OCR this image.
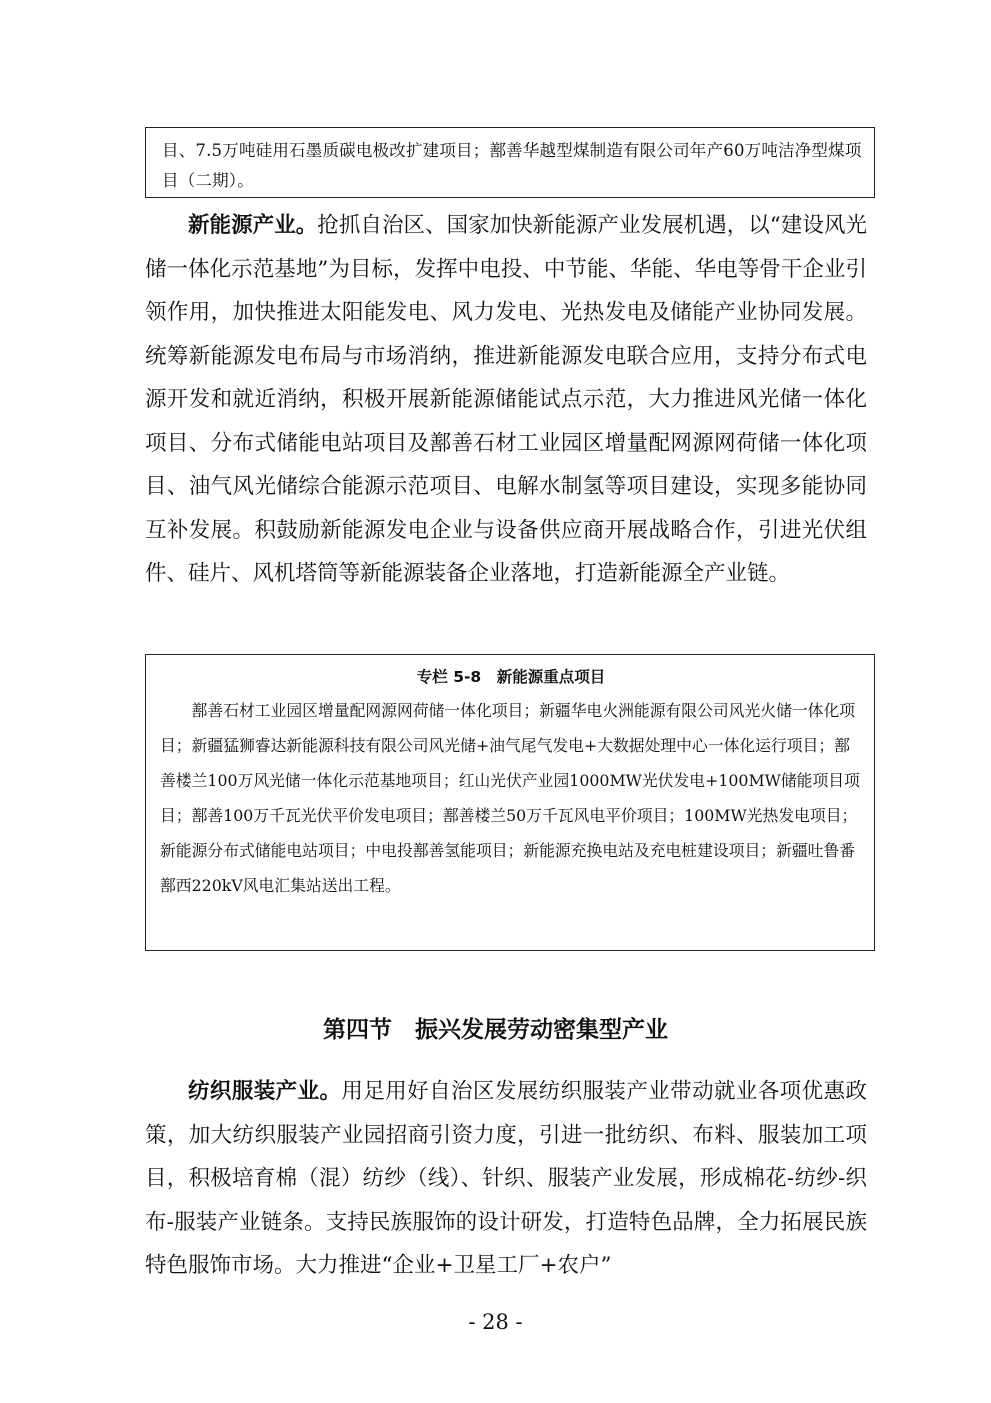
目、7.5万吨硅用石墨质碳电极改扩建项目；鄯善华越型煤制造有限公司年产60万吨洁净型煤项目（二期）。

新能源产业。抢抓自治区、国家加快新能源产业发展机遇，以“建设风光储一体化示范基地”为目标，发挥中电投、中节能、华能、华电等骨干企业引领作用，加快推进太阳能发电、风力发电、光热发电及储能产业协同发展。统筹新能源发电布局与市场消纳，推进新能源发电联合应用，支持分布式电源开发和就近消纳，积极开展新能源储能试点示范，大力推进风光储一体化项目、分布式储能电站项目及鄯善石材工业园区增量配网源网荷储一体化项目、油气风光储综合能源示范项目、电解水制氢等项目建设，实现多能协同互补发展。积鼓励新能源发电企业与设备供应商开展战略合作，引进光伏组件、硅片、风机塔筒等新能源装备企业落地，打造新能源全产业链。

专栏 5-8　新能源重点项目

鄯善石材工业园区增量配网源网荷储一体化项目；新疆华电火洲能源有限公司风光火储一体化项目；新疆猛狮睿达新能源科技有限公司风光储+油气尾气发电+大数据处理中心一体化运行项目；鄯善楼兰100万风光储一体化示范基地项目；红山光伏产业园1000MW光伏发电+100MW储能项目项目；鄯善100万千瓦光伏平价发电项目；鄯善楼兰50万千瓦风电平价项目；100MW光热发电项目；新能源分布式储能电站项目；中电投鄯善氢能项目；新能源充换电站及充电桩建设项目；新疆吐鲁番鄯西220kV风电汇集站送出工程。

第四节　振兴发展劳动密集型产业

纺织服装产业。用足用好自治区发展纺织服装产业带动就业各项优惠政策，加大纺织服装产业园招商引资力度，引进一批纺织、布料、服装加工项目，积极培育棉（混）纺纱（线）、针织、服装产业发展，形成棉花-纺纱-织布-服装产业链条。支持民族服饰的设计研发，打造特色品牌，全力拓展民族特色服饰市场。大力推进“企业+卫星工厂+农户”

- 28 -
